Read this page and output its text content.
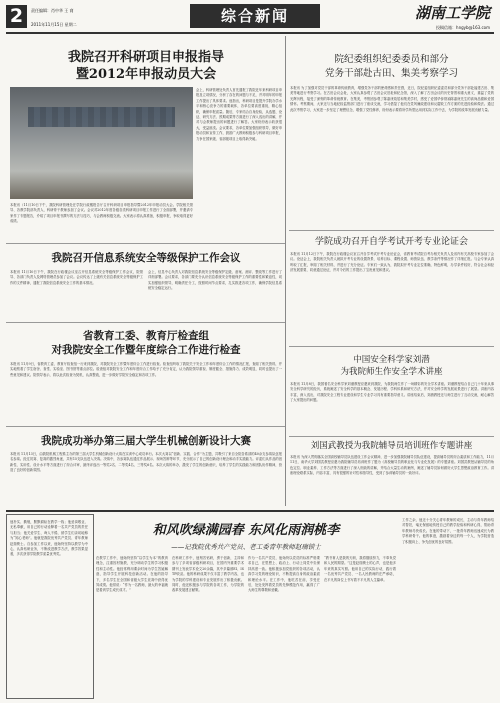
2	责任编辑：肖中华 王 商
2011年11月15日 星期二	综合新闻	湖南工学院
投稿信箱：hngyb@163.com
我院召开科研项目申报指导
暨2012年申报动员大会
会上，科研管理处负责人首先通报了我院近年来科研项目申报及立项情况，分析了存在的问题与不足，并对明年的申报工作提出了具体要求。他指出，科研项目是提升学院办学水平和核心竞争力的重要载体，各单位要高度重视，精心组织，确保申报质量。随后，专家结合自身经验，从选题、论证、研究方法、预期成果等方面进行了深入浅出的讲解，并对与会教师提出的问题进行了解答。大家纷纷表示收获很大，受益匪浅。会议要求，各单位要加强组织领导，做好申报动员和宣传工作，鼓励广大教师积极参与科研项目申报，力争在国家级、省部级项目上取得新突破。
本报讯（11月10日下午，我院科研管理处在学院行政楼报告厅召开科研项目申报指导暨2012年申报动员大会。学院相关领导、各教学院部负责人、科研骨干教师参加了会议。会议对2012年度各级各类科研项目申报工作进行了全面部署，并邀请专家作了专题报告，介绍了项目申报书撰写的方法与技巧，与会教师积极交流。大家表示将认真准备，积极申报，争取取得更好成绩。
院纪委组织纪委委员和部分
党务干部赴古田、集美考察学习
本报讯 为了加强对党员干部的革命传统教育，增强党务干部的使命感和责任感，近日，院纪委组织纪委委员和部分党务干部赴福建古田、集美等地进行考察学习。在古田会议会址，大家认真参观了古田会议旧址和纪念馆，深入了解了古田会议的历史背景和重大意义，重温了党的光辉历程，接受了深刻的革命传统教育。在集美，考察团参观了陈嘉庚故居和集美学村，感受了爱国华侨领袖陈嘉庚先生的高尚品德和爱国情怀。考察期间，大家还与当地纪检监察部门进行了座谈交流，学习借鉴了他们在党风廉政建设和反腐败工作方面的先进经验和做法。通过此次考察学习，大家进一步坚定了理想信念，增强了党性修养，纷纷表示要将所学所思运用到实际工作中去，为学院的改革发展贡献力量。
学院成功召开自学考试开考专业论证会
本报讯 11月12日下午，我院在行政楼会议室召开自学考试开考专业论证会，省教育考试院自考办相关负责人及省内有关高校专家参加了会议。论证会上，我院相关负责人就拟开考专业的设置背景、培养目标、课程设置、师资队伍、教学条件等情况作了详细汇报。与会专家认真听取了汇报，审阅了相关材料，并进行了充分论证。专家们一致认为，我院拟开考专业定位准确，特色鲜明，办学条件较好，符合社会和经济发展需要，同意通过论证，并对今后的工作提出了宝贵意见和建议。
中国安全科学家刘潜
为我院师生作安全学术讲座
本报讯 11月8日，我国著名安全科学家刘潜教授应邀来到我院，为我院师生作了一场精彩的安全学术讲座。刘潜教授结合自己几十年来从事安全科学研究的经历，系统阐述了安全科学的基本概念、发展历程、学科体系和研究方法，并对安全科学的发展前景进行了展望。讲座内容丰富，深入浅出，对我院安全工程专业建设和学生专业学习具有重要指导意义。讲座结束后，刘潜教授还与师生进行了互动交流，耐心解答了大家提出的问题。
刘国武教授为我院辅导员培训班作专题讲座
本报讯 为深入贯彻落实全国高校辅导员队伍建设工作会议精神，进一步加强我院辅导员队伍建设，提高辅导员的综合素质和工作能力，11月11日，南华大学刘国武教授应邀为我院辅导员培训班作了题为《高校辅导员的职业化与专业化发展》的专题讲座。刘国武教授从辅导员的角色定位、职业素养、工作方法等方面进行了深入细致的讲解，并结合大量生动的案例，阐述了辅导员如何做好大学生思想政治教育工作。讲座理论联系实际，内容丰富，具有很强的针对性和指导性，受到了参训辅导员的一致好评。
我院召开信息系统安全等级保护工作会议
本报讯 11月10日下午，我院在行政楼会议室召开信息系统安全等级保护工作会议，院领导、各部门负责人及网络管理员参加了会议。会议传达了上级有关信息系统安全等级保护工作的文件精神，通报了我院信息系统安全工作的基本情况。
会上，信息中心负责人对我院信息系统安全等级保护定级、备案、测评、整改等工作进行了详细部署。会议要求，各部门要充分认识信息系统安全等级保护工作的重要性和紧迫性，切实加强组织领导，明确责任分工，按照时间节点要求，扎实推进各项工作，确保学院信息系统安全稳定运行。
省教育工委、教育厅检查组
对我院安全工作暨年度综合工作进行检查
本报讯 11月9日，省教育工委、教育厅检查组一行来到我院，对我院安全工作暨年度综合工作进行检查。检查组听取了我院关于安全工作和年度综合工作的情况汇报，查阅了相关资料，并实地察看了学生宿舍、食堂、实验室、图书馆等重点部位。检查组对我院安全工作和年度综合工作给予了充分肯定，认为我院领导重视、制度健全、措施得力、成效明显，同时也提出了一些意见和建议。院领导表示，将以此次检查为契机，认真整改，进一步做好学院安全稳定和各项工作。
我院成功举办第三届大学生机械创新设计大赛
本报讯 11月13日，由我院机械工程系主办的第三届大学生机械创新设计大赛在实训中心成功举行。本次大赛以“创新、实践、合作”为主题，共吸引了来自全院各系部的40余支参赛队伍报名参赛。经过初赛、复赛的激烈角逐，共有15支队伍进入决赛。决赛中，各参赛队伍通过作品展示、现场答辩等环节，充分展示了自己的创新设计理念和动手实践能力。评委们从作品的创新性、实用性、设计水平等方面进行了综合评审，最终评选出一等奖2名、二等奖4名、三等奖6名。本次大赛的举办，激发了学生的创新意识，培养了学生的实践能力和团队协作精神，营造了良好的创新氛围。
和风吹绿满园春 东风化雨润桃李
——记我院优秀共产党员、老工委青年教师赵瑞锁士
他朴实、勤勉，默默耕耘在教学一线；他爱岗敬业、无私奉献，用自己的行动诠释着一名共产党员的责任与担当；他关爱学生、诲人不倦，被学生们亲切地称为“知心老师”。他就是我院优秀共产党员、青年教师赵瑞锁士。自参加工作以来，他始终坚持以教学为中心，认真钻研业务，不断改进教学方法，教学效果显著，多次获得学院教学质量优秀奖。
在教学工作中，他始终坚持“以学生为本”的教育理念，注重因材施教，充分调动学生的学习积极性和主动性。他经常利用课余时间为学生答疑解惑，指导学生开展科技创新活动。在他的指导下，多名学生在全国和省级大学生竞赛中获得优异成绩。他常说：“作为一名教师，最大的幸福就是看到学生成长成才。”
在科研工作中，他刻苦钻研，勇于创新，主持和参与了多项省部级科研项目，在国内外重要学术期刊上发表学术论文20余篇，其中多篇被EI、ISTP收录。他的科研成果不仅丰富了教学内容，也为学院的学科建设和专业发展作出了积极贡献。同时，他还积极参与学院的各项工作，为学院的改革发展建言献策。
作为一名共产党员，他始终以党员的标准严格要求自己，在思想上、政治上、行动上同党中央保持高度一致。他积极参加党组织的各项活动，认真学习党的理论知识，不断提高自身的政治素质和理论水平。在工作中，他吃苦在前，享受在后，处处发挥着党员的先锋模范作用，赢得了广大师生的尊敬和爱戴。
“教书育人是我的天职，我将继续努力，不辜负党和人民的期望。”这是赵瑞锁士的心声，也是他多年来的真实写照。他用自己的实际行动，践行着一名优秀共产党员、一名人民教师的庄严承诺，在平凡的岗位上书写着不平凡的人生篇章。
工作之余，他还十分关心青年教师的成长，主动与青年教师结对帮扶，毫无保留地传授自己的教学经验和科研心得，帮助青年教师尽快成长。在他的带动下，一批青年教师迅速成长为教学科研骨干。他的事迹，激励着身边的每一个人，为学院营造了积极向上、争先创优的良好氛围。
